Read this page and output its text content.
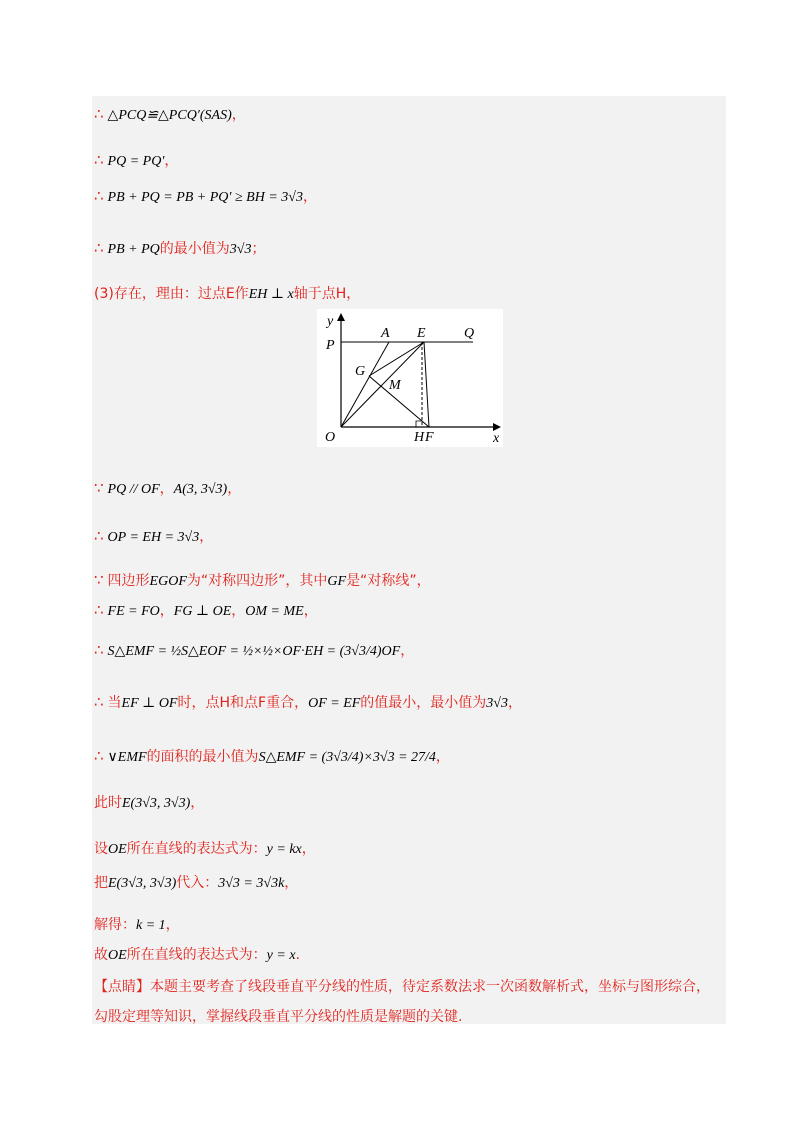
∴ △PCQ≌△PCQ′(SAS)，
∴ PQ = PQ′，
∴ PB + PQ = PB + PQ′ ≥ BH = 3√3，
∴ PB + PQ的最小值为3√3；
(3)存在，理由：过点E作EH ⊥ x轴于点H，
y
x
O
P
A E	Q
G
M
H F
∵ PQ // OF，A(3, 3√3)，
∴ OP = EH = 3√3，
∵ 四边形EGOF为“对称四边形”，其中GF是“对称线”，
∴ FE = FO，FG ⊥ OE，OM = ME，
∴ S△EMF = ½S△EOF = ½×½×OF·EH = (3√3/4)OF，
∴ 当EF ⊥ OF时，点H和点F重合，OF = EF的值最小，最小值为3√3，
∴ ∨EMF的面积的最小值为S△EMF = (3√3/4)×3√3 = 27/4，
此时E(3√3, 3√3)，
设OE所在直线的表达式为：y = kx，
把E(3√3, 3√3)代入：3√3 = 3√3k，
解得：k = 1，
故OE所在直线的表达式为：y = x.
【点睛】本题主要考查了线段垂直平分线的性质，待定系数法求一次函数解析式，坐标与图形综合，
勾股定理等知识，掌握线段垂直平分线的性质是解题的关键.
